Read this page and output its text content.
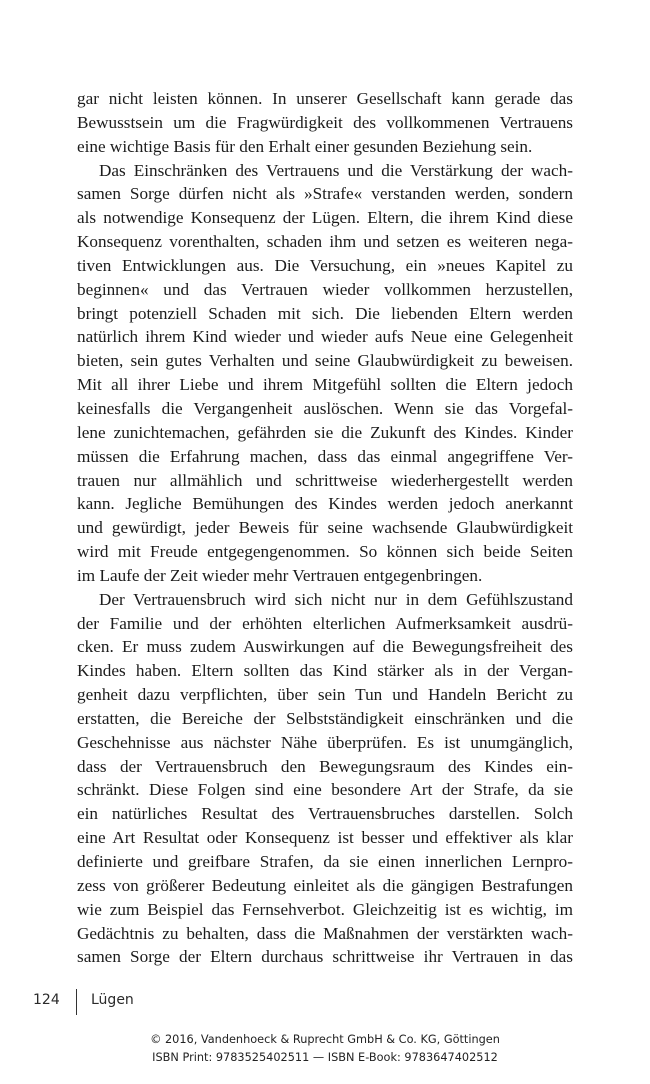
gar nicht leisten können. In unserer Gesellschaft kann gerade das
Bewusstsein um die Fragwürdigkeit des vollkommenen Vertrauens
eine wichtige Basis für den Erhalt einer gesunden Beziehung sein.
Das Einschränken des Vertrauens und die Verstärkung der wach-
samen Sorge dürfen nicht als »Strafe« verstanden werden, sondern
als notwendige Konsequenz der Lügen. Eltern, die ihrem Kind diese
Konsequenz vorenthalten, schaden ihm und setzen es weiteren nega-
tiven Entwicklungen aus. Die Versuchung, ein »neues Kapitel zu
beginnen« und das Vertrauen wieder vollkommen herzustellen,
bringt potenziell Schaden mit sich. Die liebenden Eltern werden
natürlich ihrem Kind wieder und wieder aufs Neue eine Gelegenheit
bieten, sein gutes Verhalten und seine Glaubwürdigkeit zu beweisen.
Mit all ihrer Liebe und ihrem Mitgefühl sollten die Eltern jedoch
keinesfalls die Vergangenheit auslöschen. Wenn sie das Vorgefal-
lene zunichtemachen, gefährden sie die Zukunft des Kindes. Kinder
müssen die Erfahrung machen, dass das einmal angegriffene Ver-
trauen nur allmählich und schrittweise wiederhergestellt werden
kann. Jegliche Bemühungen des Kindes werden jedoch anerkannt
und gewürdigt, jeder Beweis für seine wachsende Glaubwürdigkeit
wird mit Freude entgegengenommen. So können sich beide Seiten
im Laufe der Zeit wieder mehr Vertrauen entgegenbringen.
Der Vertrauensbruch wird sich nicht nur in dem Gefühlszustand
der Familie und der erhöhten elterlichen Aufmerksamkeit ausdrü-
cken. Er muss zudem Auswirkungen auf die Bewegungsfreiheit des
Kindes haben. Eltern sollten das Kind stärker als in der Vergan-
genheit dazu verpflichten, über sein Tun und Handeln Bericht zu
erstatten, die Bereiche der Selbstständigkeit einschränken und die
Geschehnisse aus nächster Nähe überprüfen. Es ist unumgänglich,
dass der Vertrauensbruch den Bewegungsraum des Kindes ein-
schränkt. Diese Folgen sind eine besondere Art der Strafe, da sie
ein natürliches Resultat des Vertrauensbruches darstellen. Solch
eine Art Resultat oder Konsequenz ist besser und effektiver als klar
definierte und greifbare Strafen, da sie einen innerlichen Lernpro-
zess von größerer Bedeutung einleitet als die gängigen Bestrafungen
wie zum Beispiel das Fernsehverbot. Gleichzeitig ist es wichtig, im
Gedächtnis zu behalten, dass die Maßnahmen der verstärkten wach-
samen Sorge der Eltern durchaus schrittweise ihr Vertrauen in das
124 Lügen
© 2016, Vandenhoeck & Ruprecht GmbH & Co. KG, Göttingen
ISBN Print: 9783525402511 — ISBN E-Book: 9783647402512
